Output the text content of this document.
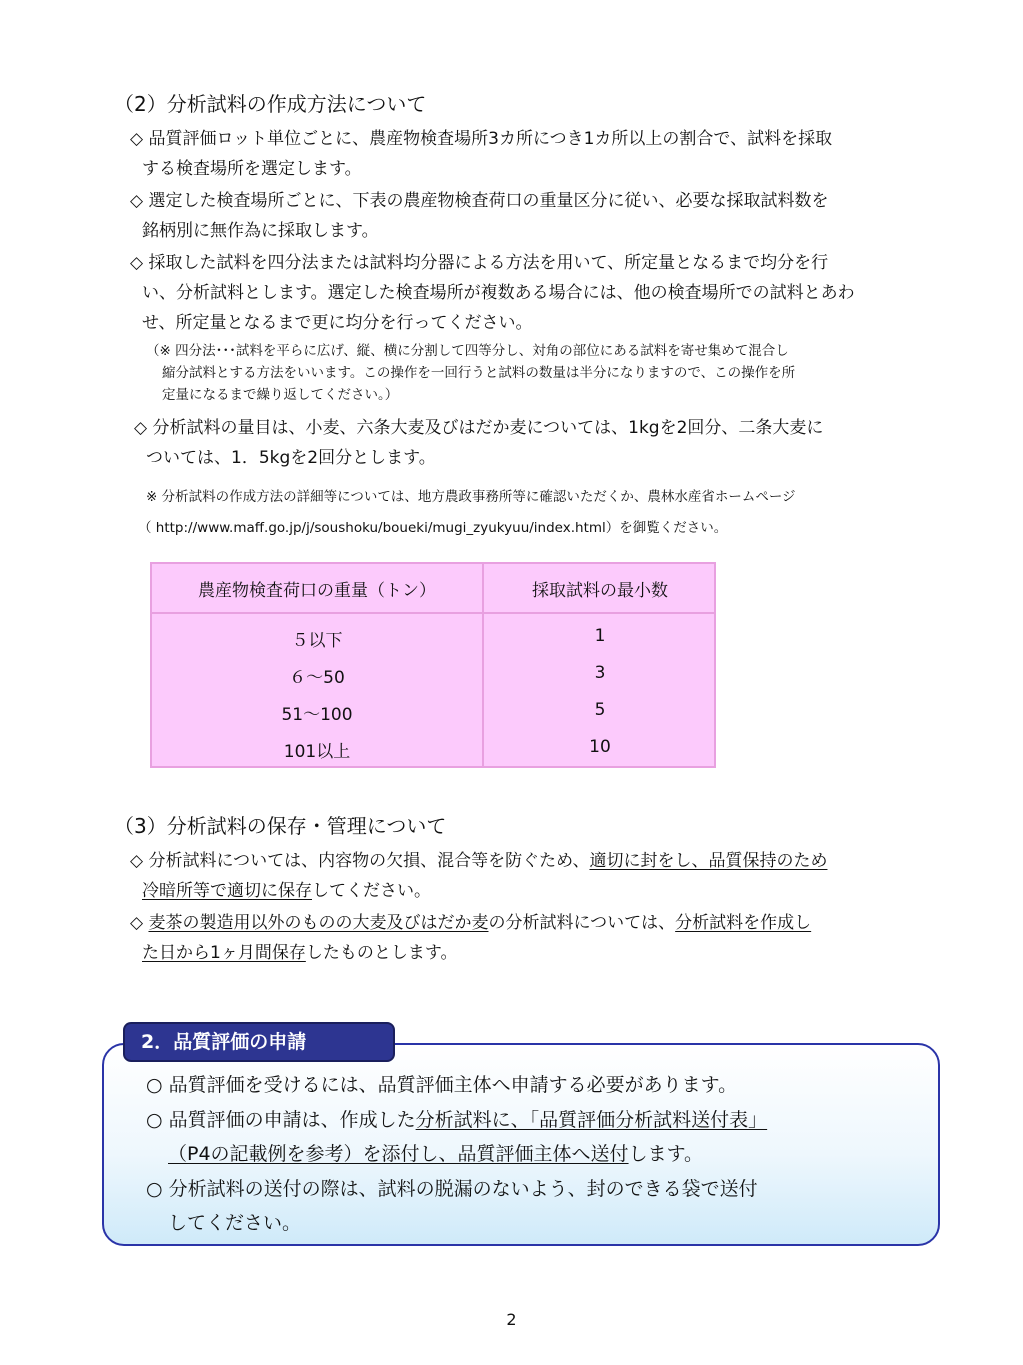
（2）分析試料の作成方法について
◇ 品質評価ロット単位ごとに、農産物検査場所3カ所につき1カ所以上の割合で、試料を採取
する検査場所を選定します。
◇ 選定した検査場所ごとに、下表の農産物検査荷口の重量区分に従い、必要な採取試料数を
銘柄別に無作為に採取します。
◇ 採取した試料を四分法または試料均分器による方法を用いて、所定量となるまで均分を行
い、分析試料とします。選定した検査場所が複数ある場合には、他の検査場所での試料とあわ
せ、所定量となるまで更に均分を行ってください。
（※ 四分法･･･試料を平らに広げ、縦、横に分割して四等分し、対角の部位にある試料を寄せ集めて混合し
縮分試料とする方法をいいます。この操作を一回行うと試料の数量は半分になりますので、この操作を所
定量になるまで繰り返してください。）
◇ 分析試料の量目は、小麦、六条大麦及びはだか麦については、1kgを2回分、二条大麦に
ついては、1．5kgを2回分とします。
※ 分析試料の作成方法の詳細等については、地方農政事務所等に確認いただくか、農林水産省ホームページ
（ http://www.maff.go.jp/j/soushoku/boueki/mugi_zyukyuu/index.html）を御覧ください。
農産物検査荷口の重量（トン）	採取試料の最小数
５以下	1
６～50	3
51～100	5
101以上	10
（3）分析試料の保存・管理について
◇ 分析試料については、内容物の欠損、混合等を防ぐため、適切に封をし、品質保持のため
冷暗所等で適切に保存してください。
◇ 麦茶の製造用以外のものの大麦及びはだか麦の分析試料については、分析試料を作成し
た日から1ヶ月間保存したものとします。
2．品質評価の申請
○ 品質評価を受けるには、品質評価主体へ申請する必要があります。
○ 品質評価の申請は、作成した分析試料に、「品質評価分析試料送付表」
（P4の記載例を参考）を添付し、品質評価主体へ送付します。
○ 分析試料の送付の際は、試料の脱漏のないよう、封のできる袋で送付
してください。
2
